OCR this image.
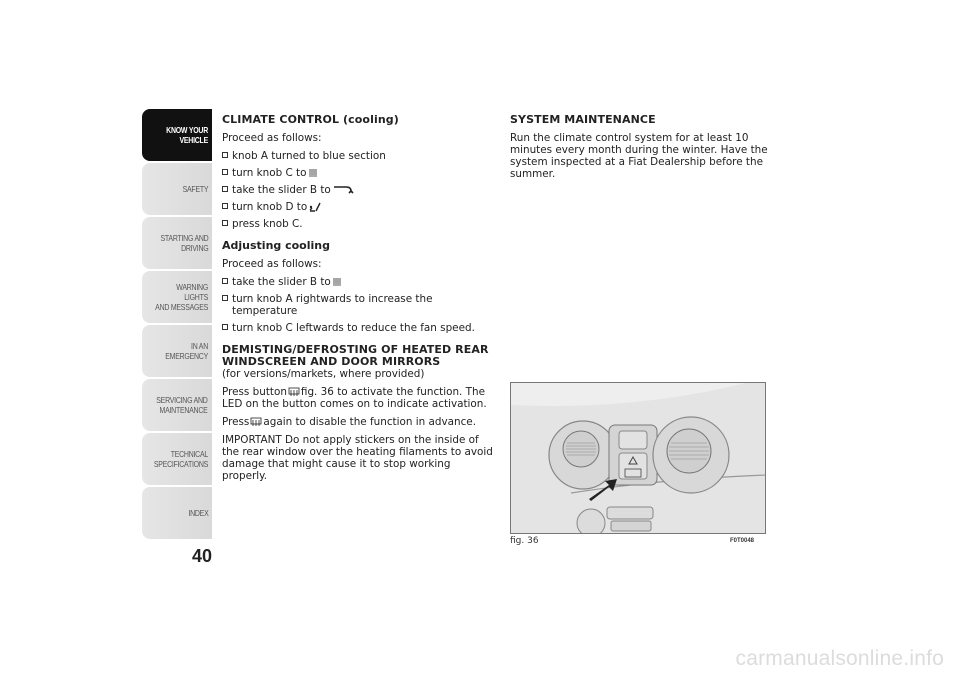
KNOW YOUR
VEHICLE
SAFETY
STARTING AND
DRIVING
WARNING LIGHTS
AND MESSAGES
IN AN EMERGENCY
SERVICING AND
MAINTENANCE
TECHNICAL
SPECIFICATIONS
INDEX
40
CLIMATE CONTROL (cooling)

Proceed as follows:

knob A turned to blue section
turn knob C to
take the slider B to
turn knob D to
press knob C.
Adjusting cooling

Proceed as follows:

take the slider B to
turn knob A rightwards to increase the temperature
turn knob C leftwards to reduce the fan speed.
DEMISTING/DEFROSTING OF HEATED REAR WINDSCREEN AND DOOR MIRRORS

(for versions/markets, where provided)

Press button fig. 36 to activate the function. The LED on the button comes on to indicate activation.

Press again to disable the function in advance.

IMPORTANT Do not apply stickers on the inside of the rear window over the heating filaments to avoid damage that might cause it to stop working properly.

SYSTEM MAINTENANCE

Run the climate control system for at least 10 minutes every month during the winter. Have the system inspected at a Fiat Dealership before the summer.

fig. 36	F0T0048
carmanualsonline.info
